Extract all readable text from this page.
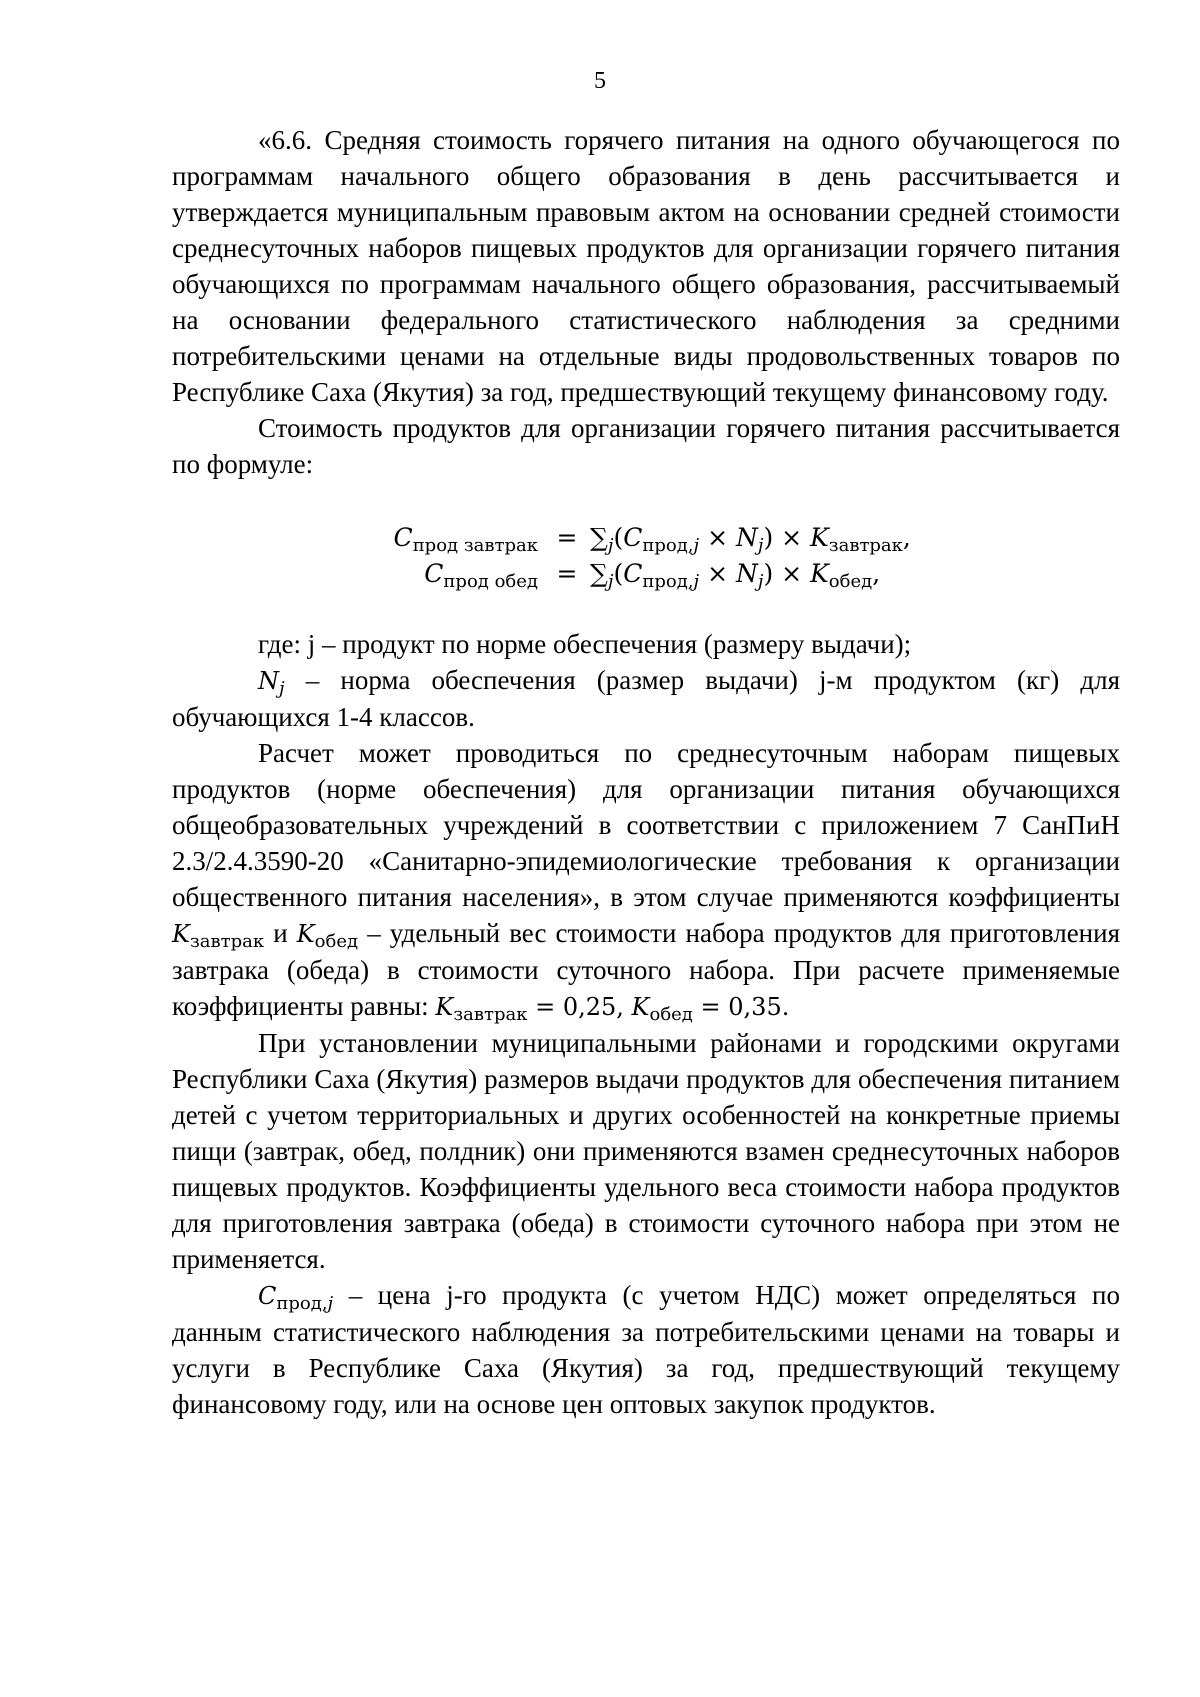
5

«6.6. Средняя стоимость горячего питания на одного обучающегося по программам начального общего образования в день рассчитывается и утверждается муниципальным правовым актом на основании средней стоимости среднесуточных наборов пищевых продуктов для организации горячего питания обучающихся по программам начального общего образования, рассчитываемый на основании федерального статистического наблюдения за средними потребительскими ценами на отдельные виды продовольственных товаров по Республике Саха (Якутия) за год, предшествующий текущему финансовому году.

Стоимость продуктов для организации горячего питания рассчитывается по формуле:

$C_{прод завтрак} = \sum_j(C_{прод,j} \times N_j) \times K_{завтрак}$,
$C_{прод обед} = \sum_j(C_{прод,j} \times N_j) \times K_{обед}$,

где: j – продукт по норме обеспечения (размеру выдачи);

$N_j$ – норма обеспечения (размер выдачи) j-м продуктом (кг) для обучающихся 1-4 классов.

Расчет может проводиться по среднесуточным наборам пищевых продуктов (норме обеспечения) для организации питания обучающихся общеобразовательных учреждений в соответствии с приложением 7 СанПиН 2.3/2.4.3590-20 «Санитарно-эпидемиологические требования к организации общественного питания населения», в этом случае применяются коэффициенты $K_{завтрак}$ и $K_{обед}$ – удельный вес стоимости набора продуктов для приготовления завтрака (обеда) в стоимости суточного набора. При расчете применяемые коэффициенты равны: $K_{завтрак} = 0,25$, $K_{обед} = 0,35$.

При установлении муниципальными районами и городскими округами Республики Саха (Якутия) размеров выдачи продуктов для обеспечения питанием детей с учетом территориальных и других особенностей на конкретные приемы пищи (завтрак, обед, полдник) они применяются взамен среднесуточных наборов пищевых продуктов. Коэффициенты удельного веса стоимости набора продуктов для приготовления завтрака (обеда) в стоимости суточного набора при этом не применяется.

$C_{прод,j}$ – цена j-го продукта (с учетом НДС) может определяться по данным статистического наблюдения за потребительскими ценами на товары и услуги в Республике Саха (Якутия) за год, предшествующий текущему финансовому году, или на основе цен оптовых закупок продуктов.
